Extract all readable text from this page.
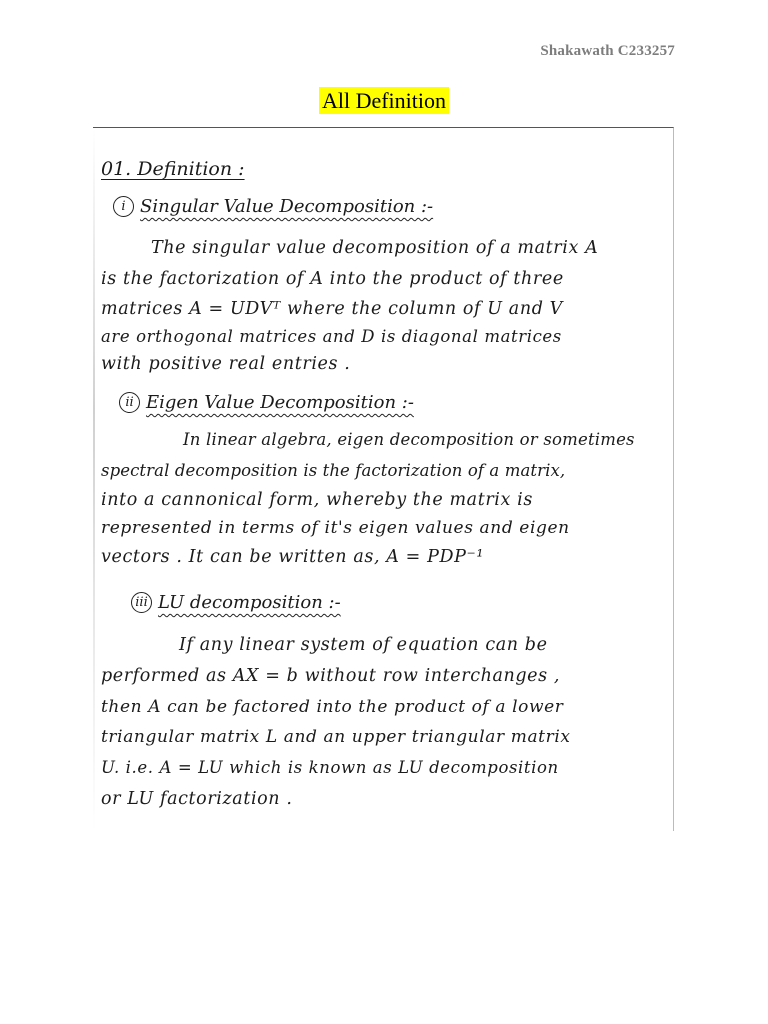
Shakawath C233257
All Definition
01. Definition :
i Singular Value Decomposition :-
The singular value decomposition of a matrix A
is the factorization of A into the product of three
matrices A = UDVᵀ where the column of U and V
are orthogonal matrices and D is diagonal matrices
with positive real entries .
ii Eigen Value Decomposition :-
In linear algebra, eigen decomposition or sometimes
spectral decomposition is the factorization of a matrix,
into a cannonical form, whereby the matrix is
represented in terms of it's eigen values and eigen
vectors . It can be written as, A = PDP⁻¹
iii LU decomposition :-
If any linear system of equation can be
performed as AX = b without row interchanges ,
then A can be factored into the product of a lower
triangular matrix L and an upper triangular matrix
U. i.e. A = LU which is known as LU decomposition
or LU factorization .
